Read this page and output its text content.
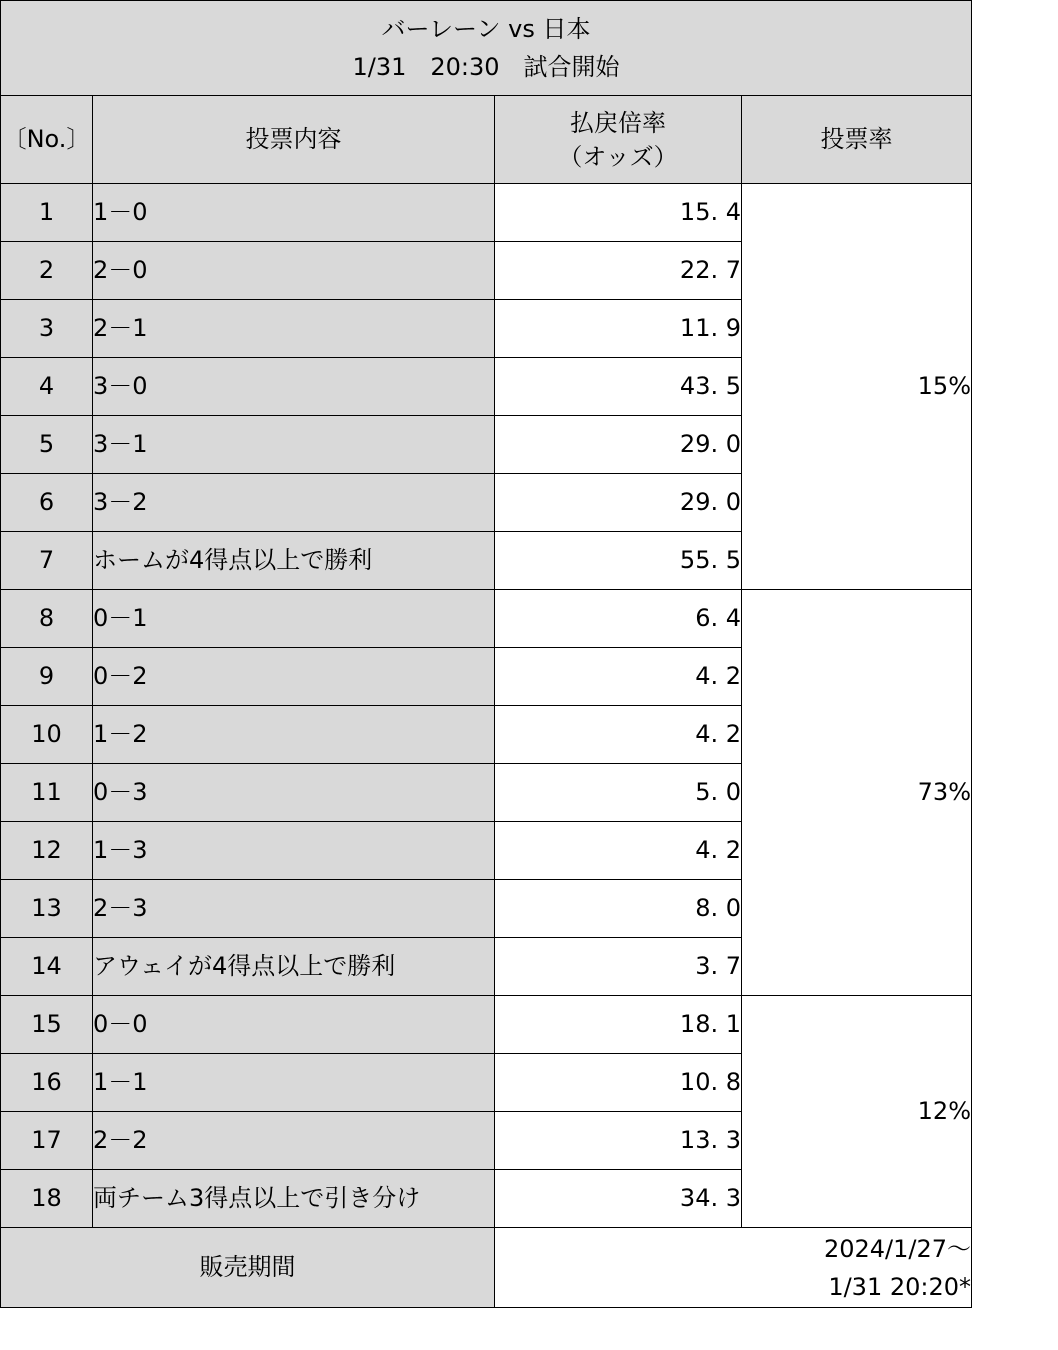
バーレーン vs 日本
1/31　20:30　試合開始			

〔No.〕	投票内容	払戻倍率
（オッズ）	投票率
1	1－0	15. 4	15%
2	2－0	22. 7	
3	2－1	11. 9	
4	3－0	43. 5	
5	3－1	29. 0	
6	3－2	29. 0	
7	ホームが4得点以上で勝利	55. 5	
8	0－1	6. 4	73%
9	0－2	4. 2	
10	1－2	4. 2	
11	0－3	5. 0	
12	1－3	4. 2	
13	2－3	8. 0	
14	アウェイが4得点以上で勝利	3. 7	
15	0－0	18. 1	12%
16	1－1	10. 8	
17	2－2	13. 3	
18	両チーム3得点以上で引き分け	34. 3	
販売期間		2024/1/27～
1/31 20:20*	
